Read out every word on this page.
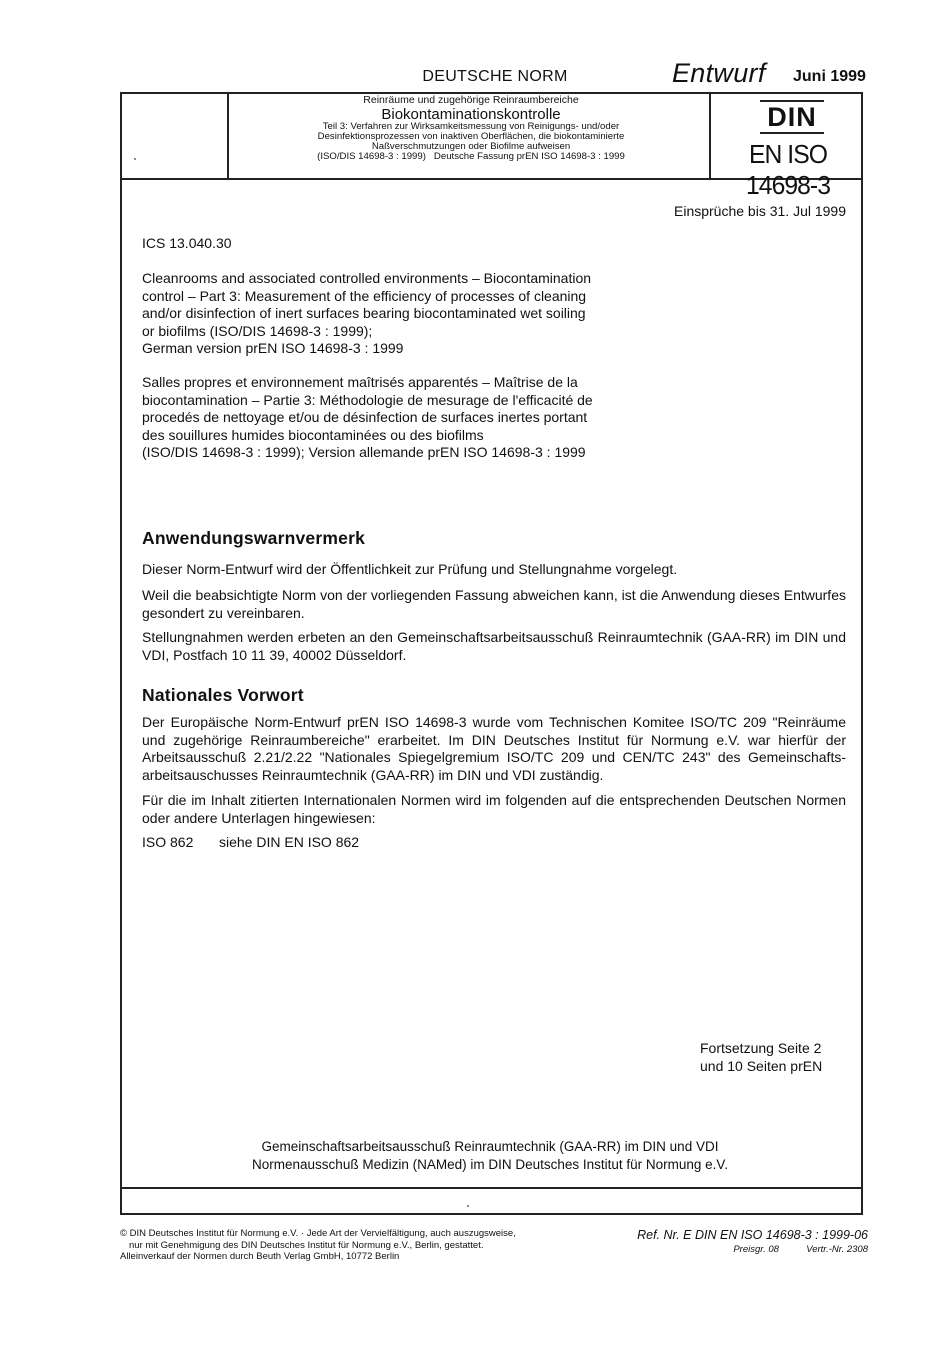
DEUTSCHE NORM	Entwurf Juni 1999
Reinräume und zugehörige Reinraumbereiche
Biokontaminationskontrolle
Teil 3: Verfahren zur Wirksamkeitsmessung von Reinigungs- und/oder
Desinfektionsprozessen von inaktiven Oberflächen, die biokontaminierte
Naßverschmutzungen oder Biofilme aufweisen
(ISO/DIS 14698-3 : 1999)   Deutsche Fassung prEN ISO 14698-3 : 1999
DIN
EN ISO 14698-3
Einsprüche bis 31. Jul 1999
ICS 13.040.30
Cleanrooms and associated controlled environments – Biocontamination
control – Part 3: Measurement of the efficiency of processes of cleaning
and/or disinfection of inert surfaces bearing biocontaminated wet soiling
or biofilms (ISO/DIS 14698-3 : 1999);
German version prEN ISO 14698-3 : 1999
Salles propres et environnement maîtrisés apparentés – Maîtrise de la
biocontamination – Partie 3: Méthodologie de mesurage de l'efficacité de
procedés de nettoyage et/ou de désinfection de surfaces inertes portant
des souillures humides biocontaminées ou des biofilms
(ISO/DIS 14698-3 : 1999); Version allemande prEN ISO 14698-3 : 1999
Anwendungswarnvermerk
Dieser Norm-Entwurf wird der Öffentlichkeit zur Prüfung und Stellungnahme vorgelegt.
Weil die beabsichtigte Norm von der vorliegenden Fassung abweichen kann, ist die Anwendung dieses Entwurfes gesondert zu vereinbaren.
Stellungnahmen werden erbeten an den Gemeinschaftsarbeitsausschuß Reinraumtechnik (GAA-RR) im DIN und VDI, Postfach 10 11 39, 40002 Düsseldorf.
Nationales Vorwort
Der Europäische Norm-Entwurf prEN ISO 14698-3 wurde vom Technischen Komitee ISO/TC 209 "Reinräume und zugehörige Reinraumbereiche" erarbeitet. Im DIN Deutsches Institut für Normung e.V. war hierfür der Arbeitsausschuß 2.21/2.22 "Nationales Spiegelgremium ISO/TC 209 und CEN/TC 243" des Gemeinschafts-arbeitsauschusses Reinraumtechnik (GAA-RR) im DIN und VDI zuständig.
Für die im Inhalt zitierten Internationalen Normen wird im folgenden auf die entsprechenden Deutschen Normen oder andere Unterlagen hingewiesen:
ISO 862 siehe DIN EN ISO 862
Fortsetzung Seite 2
und 10 Seiten prEN
Gemeinschaftsarbeitsausschuß Reinraumtechnik (GAA-RR) im DIN und VDI
Normenausschuß Medizin (NAMed) im DIN Deutsches Institut für Normung e.V.
© DIN Deutsches Institut für Normung e.V. · Jede Art der Vervielfältigung, auch auszugsweise,
nur mit Genehmigung des DIN Deutsches Institut für Normung e.V., Berlin, gestattet.
Alleinverkauf der Normen durch Beuth Verlag GmbH, 10772 Berlin
Ref. Nr. E DIN EN ISO 14698-3 : 1999-06
Preisgr. 08	Vertr.-Nr. 2308
